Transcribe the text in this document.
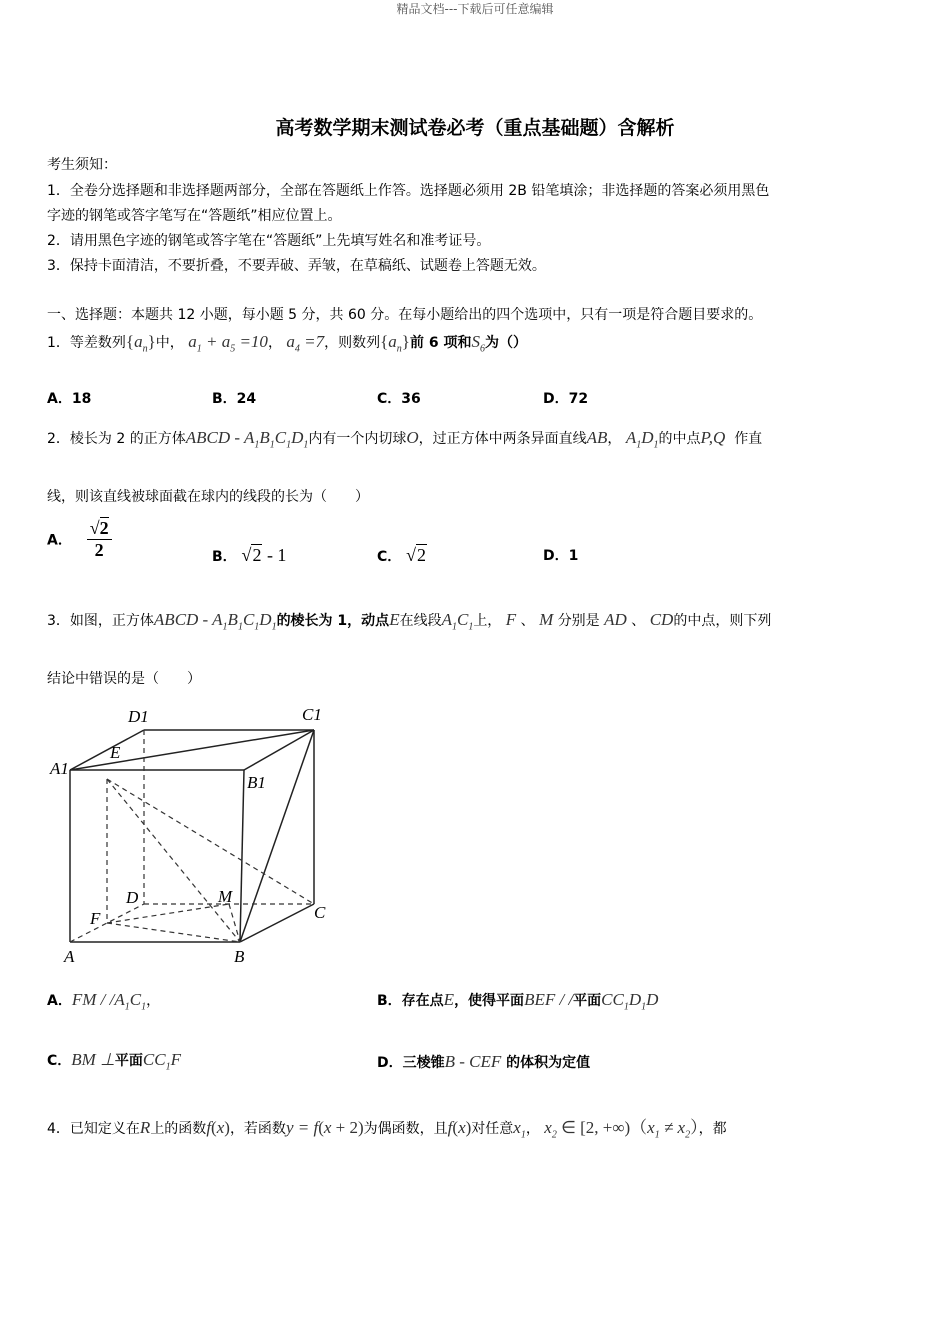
精品文档---下载后可任意编辑
高考数学期末测试卷必考（重点基础题）含解析
考生须知：
1．全卷分选择题和非选择题两部分，全部在答题纸上作答。选择题必须用 2B 铅笔填涂；非选择题的答案必须用黑色
字迹的钢笔或答字笔写在“答题纸”相应位置上。
2．请用黑色字迹的钢笔或答字笔在“答题纸”上先填写姓名和准考证号。
3．保持卡面清洁，不要折叠，不要弄破、弄皱，在草稿纸、试题卷上答题无效。
一、选择题：本题共 12 小题，每小题 5 分，共 60 分。在每小题给出的四个选项中，只有一项是符合题目要求的。
1．等差数列$\{a_n\}$中， $a_1 + a_5 =10$， $a_4 =7$，则数列$\{a_n\}$前 6 项和$S_6$为（）
A．18	B．24	C．36	D．72
2．棱长为 2 的正方体ABCD - $A_1B_1C_1D_1$内有一个内切球O，过正方体中两条异面直线AB， $A_1D_1$的中点P,Q 作直
线，则该直线被球面截在球内的线段的长为（　　）
A． $\frac{√2}{2}$	B． √2 - 1	C． √2	D．1
3．如图，正方体ABCD - $A_1B_1C_1D_1$的棱长为 1，动点E在线段$A_1C_1$上， F 、 M 分别是 AD 、 CD的中点，则下列
结论中错误的是（　　）
D1	C1
A1
E
B1
D	M
F	C
A	B
A．FM / $/A_1C_1$，	B．存在点E，使得平面BEF / /平面$CC_1D_1D$
C．BM ⊥平面$CC_1F$	D．三棱锥B - CEF 的体积为定值
4．已知定义在R上的函数f(x)，若函数y = f(x + 2)为偶函数，且f(x)对任意$x_1$， $x_2$ ∈ [2, $+\infty)(x_1 \ne x_2)$，都
